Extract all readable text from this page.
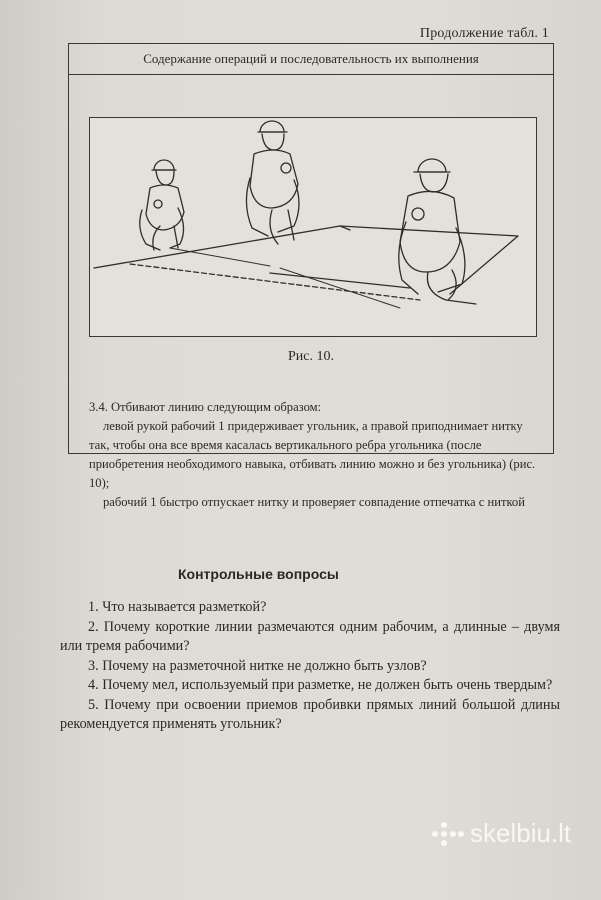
Продолжение табл. 1
Содержание операций и последовательность их выполнения
Рис. 10.

3.4. Отбивают линию следующим образом:

левой рукой рабочий 1 придерживает угольник, а правой приподнимает нитку так, чтобы она все время касалась вертикального ребра угольника (после приобретения необходимого навыка, отбивать линию можно и без угольника) (рис. 10);

рабочий 1 быстро отпускает нитку и проверяет совпадение отпечатка с ниткой

Контрольные вопросы

1. Что называется разметкой?

2. Почему короткие линии размечаются одним рабочим, а длинные – двумя или тремя рабочими?

3. Почему на разметочной нитке не должно быть узлов?

4. Почему мел, используемый при разметке, не должен быть очень твердым?

5. Почему при освоении приемов пробивки прямых линий большой длины рекомендуется применять угольник?

skelbiu.lt
